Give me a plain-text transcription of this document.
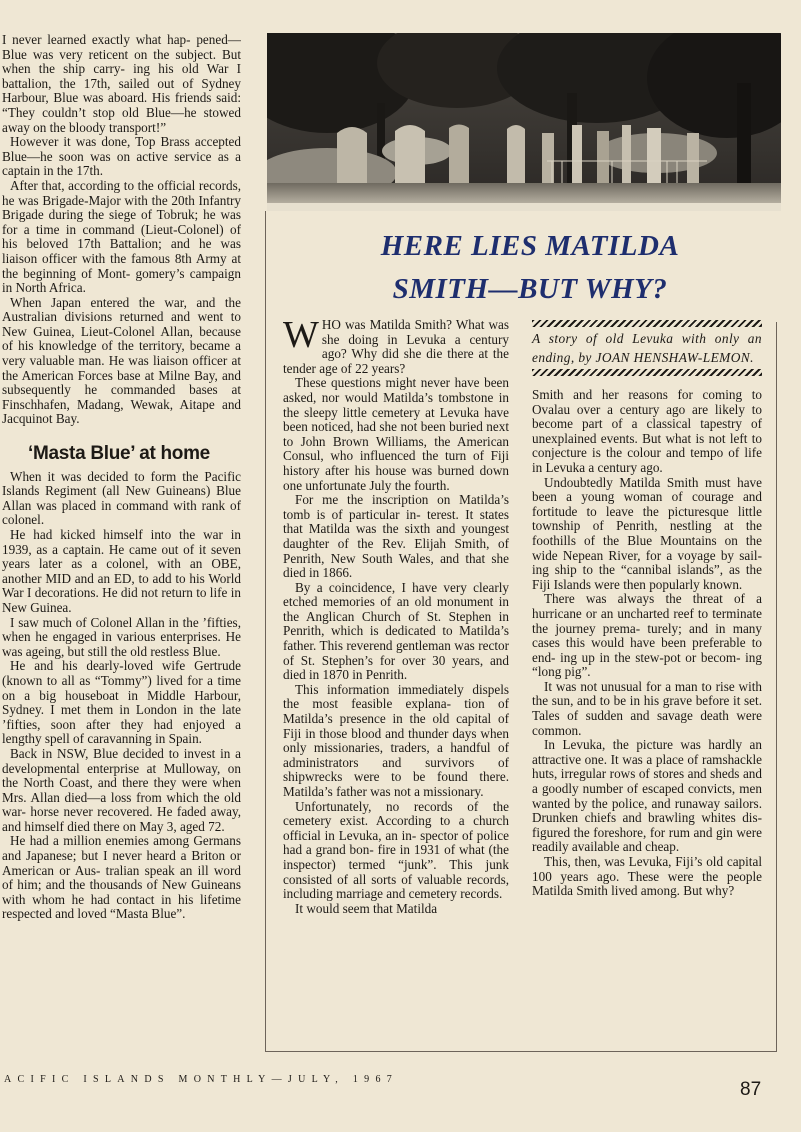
I never learned exactly what hap- pened—Blue was very reticent on the subject. But when the ship carry- ing his old War I battalion, the 17th, sailed out of Sydney Harbour, Blue was aboard. His friends said: “They couldn’t stop old Blue—he stowed away on the bloody transport!”

However it was done, Top Brass accepted Blue—he soon was on active service as a captain in the 17th.

After that, according to the official records, he was Brigade-Major with the 20th Infantry Brigade during the siege of Tobruk; he was for a time in command (Lieut-Colonel) of his beloved 17th Battalion; and he was liaison officer with the famous 8th Army at the beginning of Mont- gomery’s campaign in North Africa.

When Japan entered the war, and the Australian divisions returned and went to New Guinea, Lieut-Colonel Allan, because of his knowledge of the territory, became a very valuable man. He was liaison officer at the American Forces base at Milne Bay, and subsequently he commanded bases at Finschhafen, Madang, Wewak, Aitape and Jacquinot Bay.

‘Masta Blue’ at home

When it was decided to form the Pacific Islands Regiment (all New Guineans) Blue Allan was placed in command with rank of colonel.

He had kicked himself into the war in 1939, as a captain. He came out of it seven years later as a colonel, with an OBE, another MID and an ED, to add to his World War I decorations. He did not return to life in New Guinea.

I saw much of Colonel Allan in the ’fifties, when he engaged in various enterprises. He was ageing, but still the old restless Blue.

He and his dearly-loved wife Gertrude (known to all as “Tommy”) lived for a time on a big houseboat in Middle Harbour, Sydney. I met them in London in the late ’fifties, soon after they had enjoyed a lengthy spell of caravanning in Spain.

Back in NSW, Blue decided to invest in a developmental enterprise at Mulloway, on the North Coast, and there they were when Mrs. Allan died—a loss from which the old war- horse never recovered. He faded away, and himself died there on May 3, aged 72.

He had a million enemies among Germans and Japanese; but I never heard a Briton or American or Aus- tralian speak an ill word of him; and the thousands of New Guineans with whom he had contact in his lifetime respected and loved “Masta Blue”.

HERE LIES MATILDA
SMITH—BUT WHY?

WHO was Matilda Smith? What was she doing in Levuka a century ago? Why did she die there at the tender age of 22 years?

These questions might never have been asked, nor would Matilda’s tombstone in the sleepy little cemetery at Levuka have been noticed, had she not been buried next to John Brown Williams, the American Consul, who influenced the turn of Fiji history after his house was burned down one unfortunate July the fourth.

For me the inscription on Matilda’s tomb is of particular in- terest. It states that Matilda was the sixth and youngest daughter of the Rev. Elijah Smith, of Penrith, New South Wales, and that she died in 1866.

By a coincidence, I have very clearly etched memories of an old monument in the Anglican Church of St. Stephen in Penrith, which is dedicated to Matilda’s father. This reverend gentleman was rector of St. Stephen’s for over 30 years, and died in 1870 in Penrith.

This information immediately dispels the most feasible explana- tion of Matilda’s presence in the old capital of Fiji in those blood and thunder days when only missionaries, traders, a handful of administrators and survivors of shipwrecks were to be found there. Matilda’s father was not a missionary.

Unfortunately, no records of the cemetery exist. According to a church official in Levuka, an in- spector of police had a grand bon- fire in 1931 of what (the inspector) termed “junk”. This junk consisted of all sorts of valuable records, including marriage and cemetery records.

It would seem that Matilda

A story of old Levuka with only an ending, by JOAN HENSHAW-LEMON.

Smith and her reasons for coming to Ovalau over a century ago are likely to become part of a classical tapestry of unexplained events. But what is not left to conjecture is the colour and tempo of life in Levuka a century ago.

Undoubtedly Matilda Smith must have been a young woman of courage and fortitude to leave the picturesque little township of Penrith, nestling at the foothills of the Blue Mountains on the wide Nepean River, for a voyage by sail- ing ship to the “cannibal islands”, as the Fiji Islands were then popularly known.

There was always the threat of a hurricane or an uncharted reef to terminate the journey prema- turely; and in many cases this would have been preferable to end- ing up in the stew-pot or becom- ing “long pig”.

It was not unusual for a man to rise with the sun, and to be in his grave before it set. Tales of sudden and savage death were common.

In Levuka, the picture was hardly an attractive one. It was a place of ramshackle huts, irregular rows of stores and sheds and a goodly number of escaped convicts, men wanted by the police, and runaway sailors. Drunken chiefs and brawling whites dis- figured the foreshore, for rum and gin were readily available and cheap.

This, then, was Levuka, Fiji’s old capital 100 years ago. These were the people Matilda Smith lived among. But why?

ACIFIC ISLANDS MONTHLY—JULY, 1967	87
